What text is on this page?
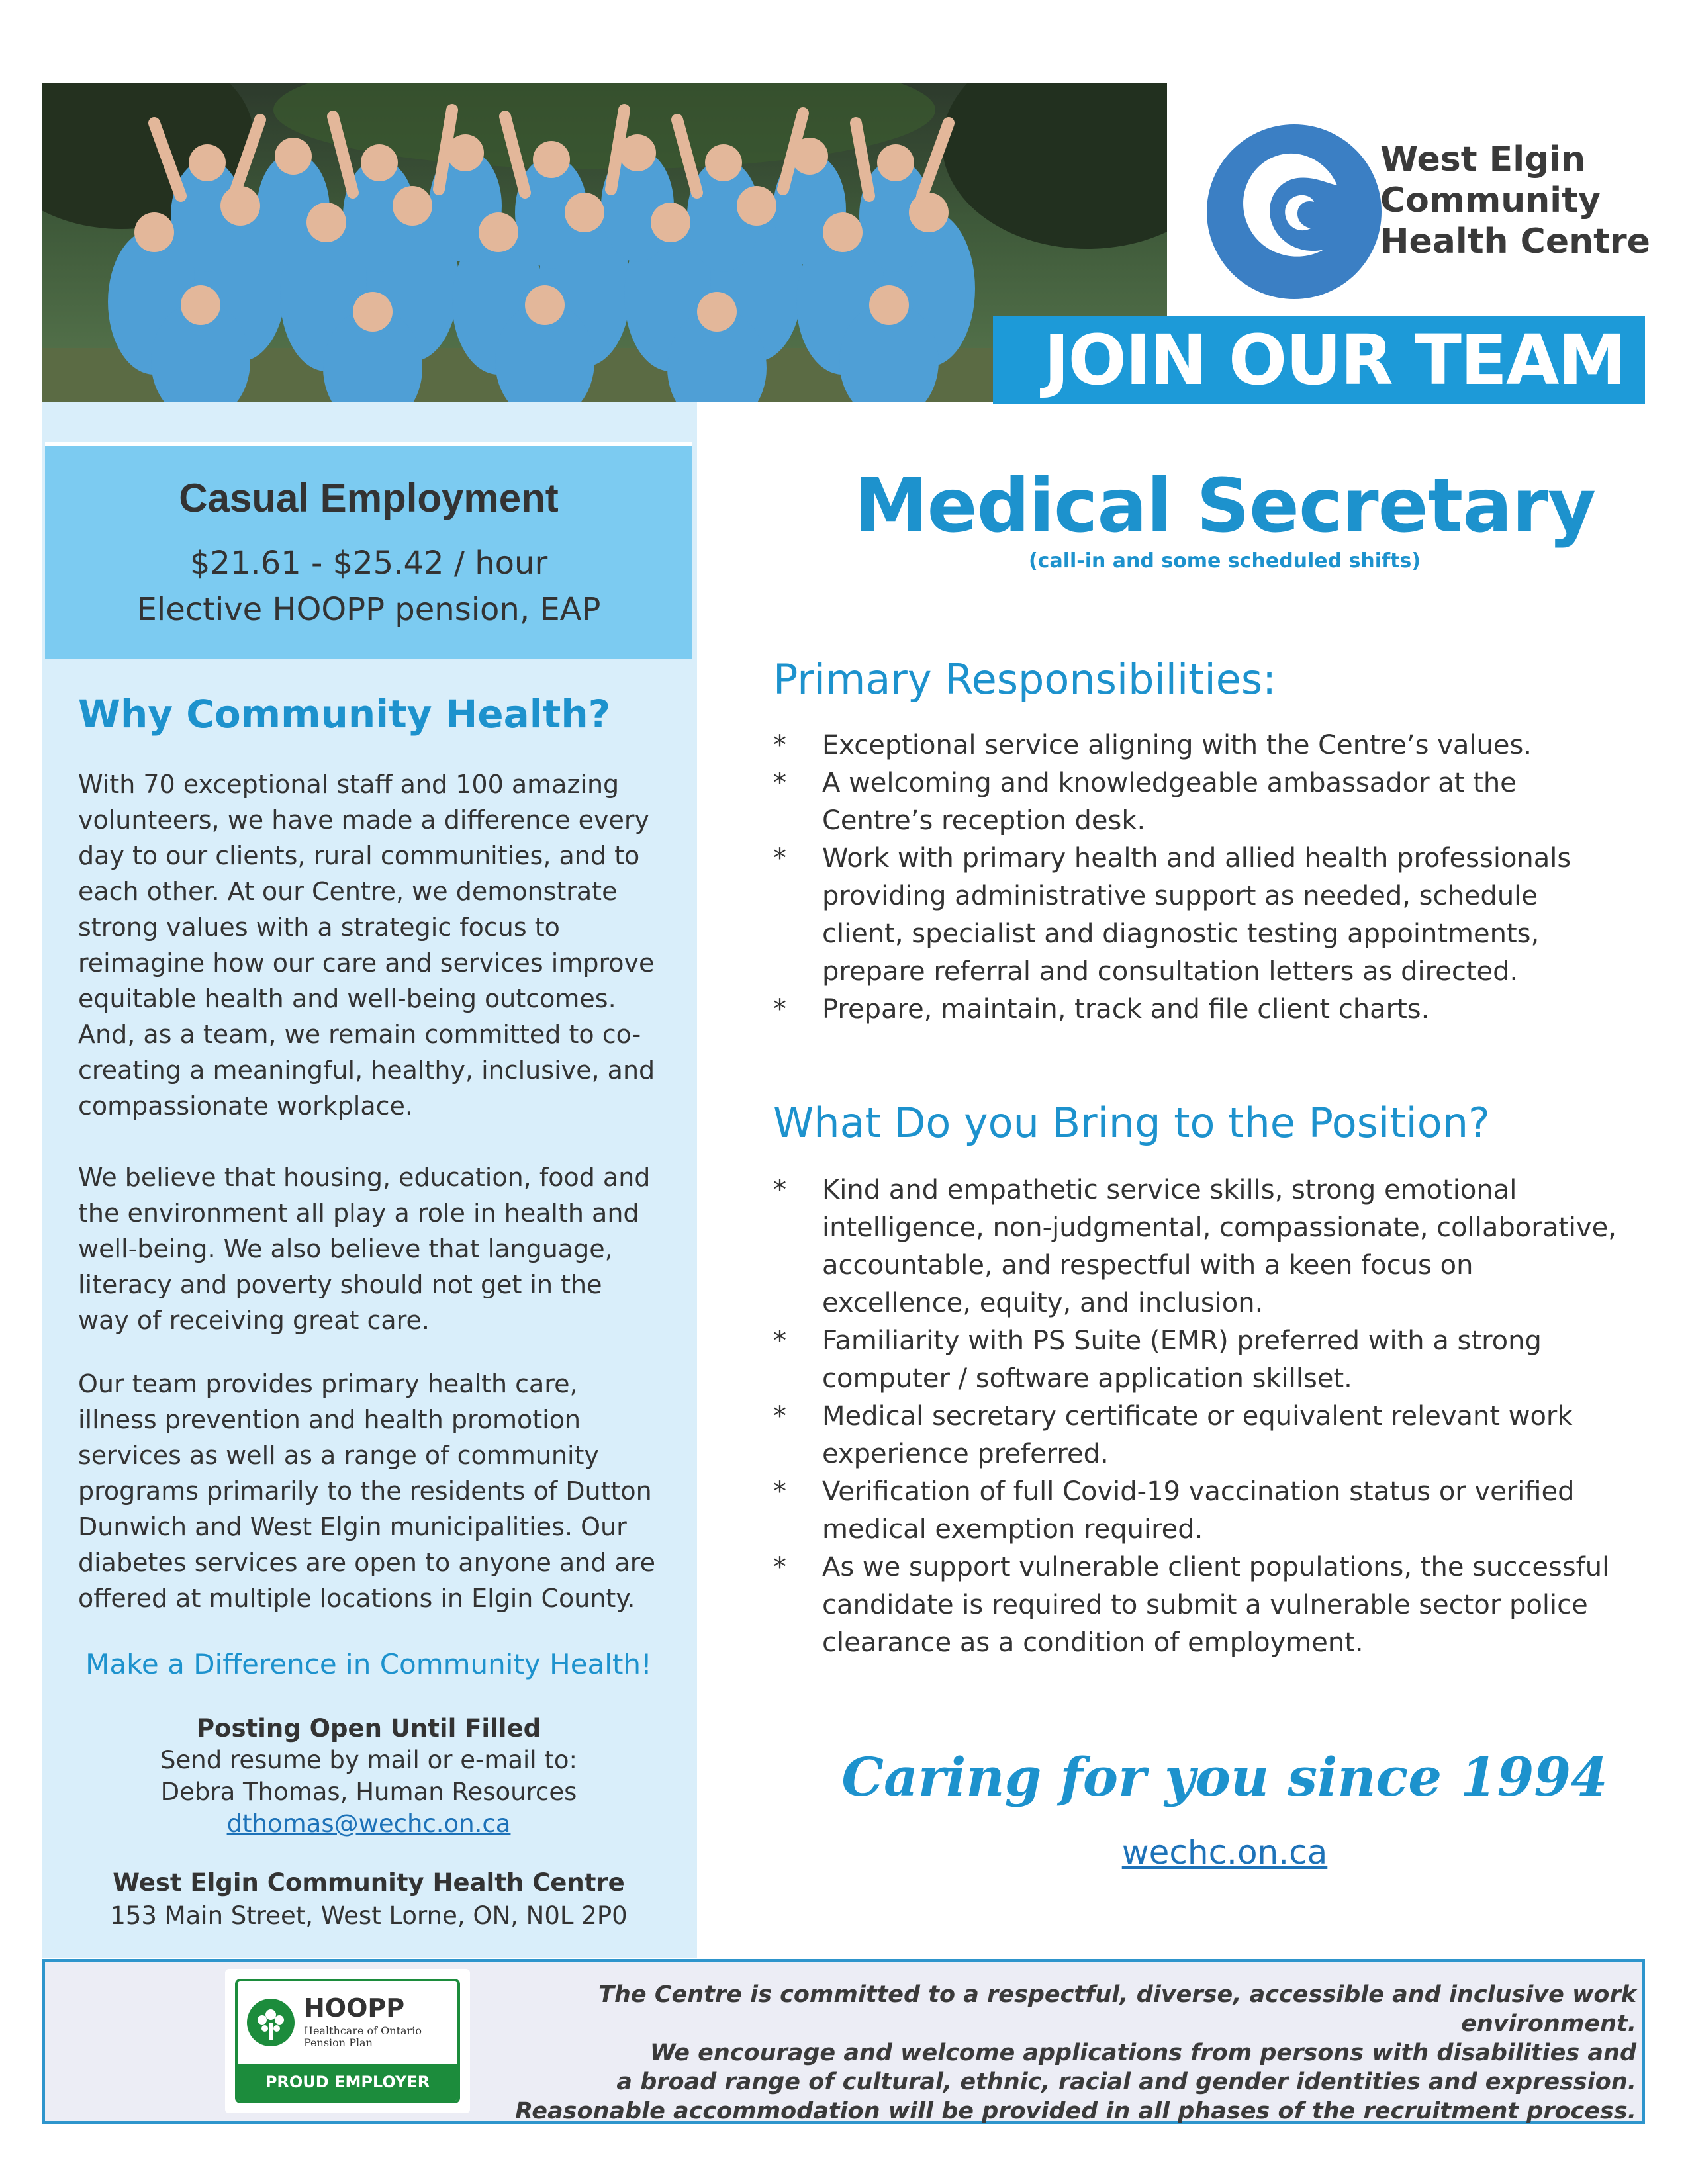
West Elgin
Community
Health Centre
JOIN OUR TEAM
Casual Employment
$21.61 - $25.42 / hour
Elective HOOPP pension, EAP
Why Community Health?
With 70 exceptional staff and 100 amazing volunteers, we have made a difference every day to our clients, rural communities, and to each other. At our Centre, we demonstrate strong values with a strategic focus to reimagine how our care and services improve equitable health and well-being outcomes. And, as a team, we remain committed to co-creating a meaningful, healthy, inclusive, and compassionate workplace.
We believe that housing, education, food and the environment all play a role in health and well-being. We also believe that language, literacy and poverty should not get in the way of receiving great care.
Our team provides primary health care, illness prevention and health promotion services as well as a range of community programs primarily to the residents of Dutton Dunwich and West Elgin municipalities. Our diabetes services are open to anyone and are offered at multiple locations in Elgin County.
Make a Difference in Community Health!
Posting Open Until Filled
Send resume by mail or e-mail to:
Debra Thomas, Human Resources
dthomas@wechc.on.ca
West Elgin Community Health Centre
153 Main Street, West Lorne, ON, N0L 2P0
Medical Secretary
(call-in and some scheduled shifts)
Primary Responsibilities:
*	Exceptional service aligning with the Centre’s values.
*	A welcoming and knowledgeable ambassador at the Centre’s reception desk.
*	Work with primary health and allied health professionals providing administrative support as needed, schedule client, specialist and diagnostic testing appointments, prepare referral and consultation letters as directed.
*	Prepare, maintain, track and file client charts.
What Do you Bring to the Position?
*	Kind and empathetic service skills, strong emotional intelligence, non-judgmental, compassionate, collaborative, accountable, and respectful with a keen focus on excellence, equity, and inclusion.
*	Familiarity with PS Suite (EMR) preferred with a strong computer / software application skillset.
*	Medical secretary certificate or equivalent relevant work experience preferred.
*	Verification of full Covid-19 vaccination status or verified medical exemption required.
*	As we support vulnerable client populations, the successful candidate is required to submit a vulnerable sector police clearance as a condition of employment.
Caring for you since 1994
wechc.on.ca
HOOPP
Healthcare of Ontario
Pension Plan
PROUD EMPLOYER
The Centre is committed to a respectful, diverse, accessible and inclusive work environment.
We encourage and welcome applications from persons with disabilities and
a broad range of cultural, ethnic, racial and gender identities and expression.
Reasonable accommodation will be provided in all phases of the recruitment process.
